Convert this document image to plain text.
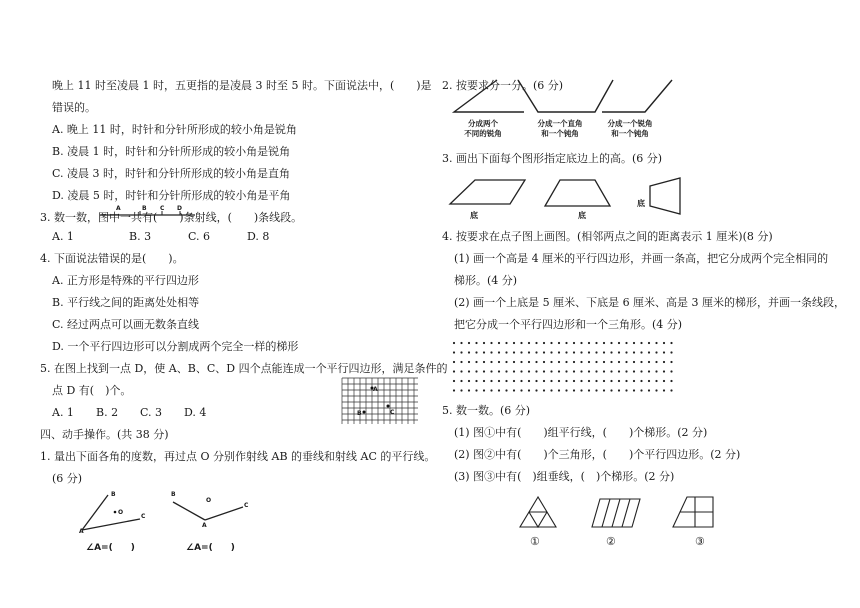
晚上 11 时至凌晨 1 时，五更指的是凌晨 3 时至 5 时。下面说法中，(　　)是
错误的。
A. 晚上 11 时，时针和分针所形成的较小角是锐角
B. 凌晨 1 时，时针和分针所形成的较小角是锐角
C. 凌晨 3 时，时针和分针所形成的较小角是直角
D. 凌晨 5 时，时针和分针所形成的较小角是平角
3. 数一数，图中一共有(　　)条射线，(　　)条线段。
A	B C D
A. 1	B. 3	C. 6	D. 8
4. 下面说法错误的是(　　)。
A. 正方形是特殊的平行四边形
B. 平行线之间的距离处处相等
C. 经过两点可以画无数条直线
D. 一个平行四边形可以分割成两个完全一样的梯形
5. 在图上找到一点 D，使 A、B、C、D 四个点能连成一个平行四边形，满足条件的
点 D 有(　)个。
A. 1 B. 2 C. 3 D. 4
A
B	C
四、动手操作。(共 38 分)
1. 量出下面各角的度数，再过点 O 分别作射线 AB 的垂线和射线 AC 的平行线。
(6 分)
B
O
A
C
B
O
A
C
∠A=(　　)	∠A=(　　)
2. 按要求分一分。(6 分)
分成两个
不同的锐角
分成一个直角
和一个钝角
分成一个锐角
和一个钝角
3. 画出下面每个图形指定底边上的高。(6 分)
底	底
底
4. 按要求在点子图上画图。(相邻两点之间的距离表示 1 厘米)(8 分)
(1) 画一个高是 4 厘米的平行四边形，并画一条高，把它分成两个完全相同的
梯形。(4 分)
(2) 画一个上底是 5 厘米、下底是 6 厘米、高是 3 厘米的梯形，并画一条线段，
把它分成一个平行四边形和一个三角形。(4 分)
5. 数一数。(6 分)
(1) 图①中有(　　)组平行线，(　　)个梯形。(2 分)
(2) 图②中有(　　)个三角形，(　　)个平行四边形。(2 分)
(3) 图③中有(　)组垂线，(　)个梯形。(2 分)
①	②	③
